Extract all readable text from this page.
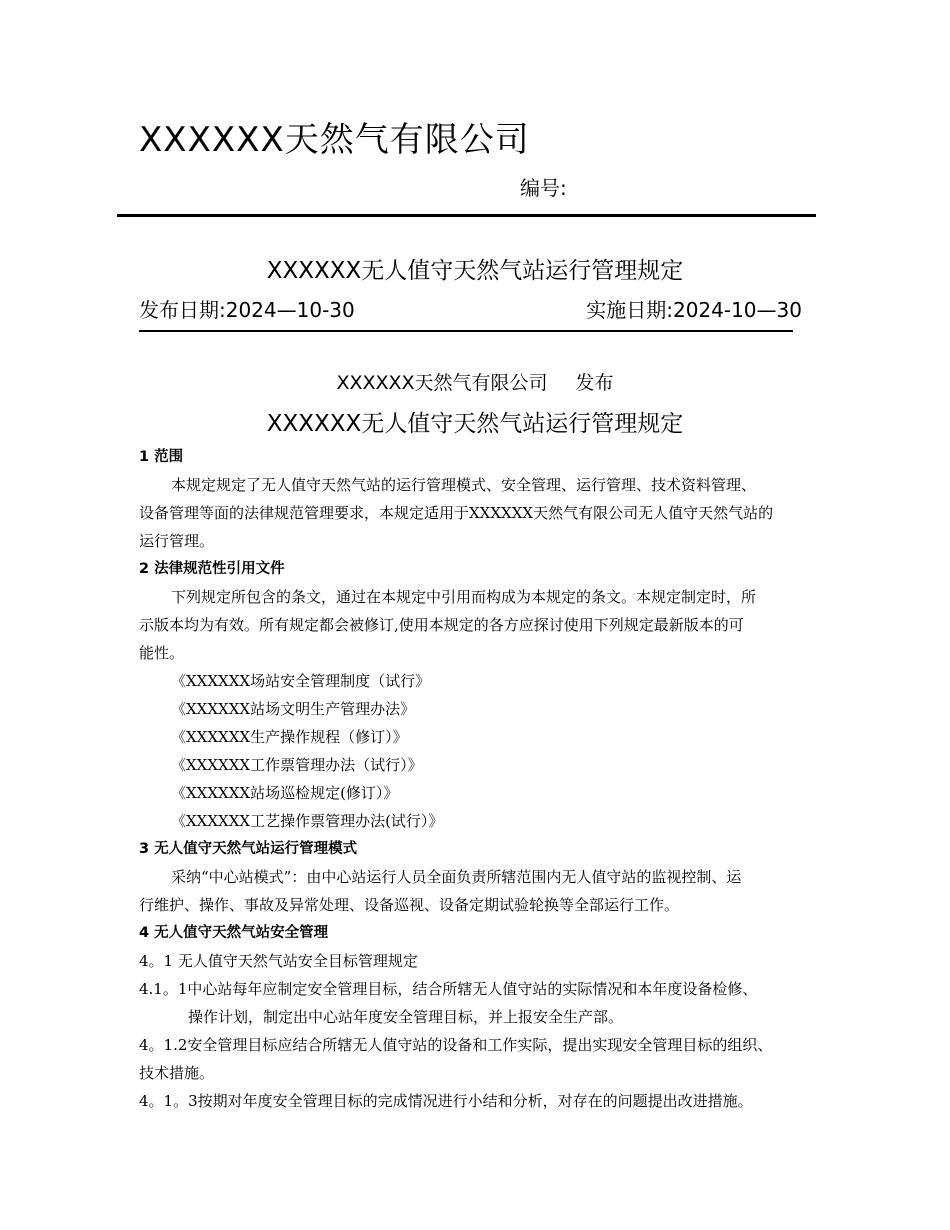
XXXXXX天然气有限公司
编号:
XXXXXX无人值守天然气站运行管理规定
发布日期:2024—10-30	实施日期:2024-10—30
XXXXXX天然气有限公司 发布
XXXXXX无人值守天然气站运行管理规定
1 范围
本规定规定了无人值守天然气站的运行管理模式、安全管理、运行管理、技术资料管理、
设备管理等面的法律规范管理要求，本规定适用于XXXXXX天然气有限公司无人值守天然气站的
运行管理。
2 法律规范性引用文件
下列规定所包含的条文，通过在本规定中引用而构成为本规定的条文。本规定制定时，所
示版本均为有效。所有规定都会被修订,使用本规定的各方应探讨使用下列规定最新版本的可
能性。
《XXXXXX场站安全管理制度（试行》
《XXXXXX站场文明生产管理办法》
《XXXXXX生产操作规程（修订）》
《XXXXXX工作票管理办法（试行）》
《XXXXXX站场巡检规定(修订）》
《XXXXXX工艺操作票管理办法(试行）》
3 无人值守天然气站运行管理模式
采纳“中心站模式”：由中心站运行人员全面负责所辖范围内无人值守站的监视控制、运
行维护、操作、事故及异常处理、设备巡视、设备定期试验轮换等全部运行工作。
4 无人值守天然气站安全管理
4。1 无人值守天然气站安全目标管理规定
4.1。1中心站每年应制定安全管理目标，结合所辖无人值守站的实际情况和本年度设备检修、
操作计划，制定出中心站年度安全管理目标，并上报安全生产部。
4。1.2安全管理目标应结合所辖无人值守站的设备和工作实际，提出实现安全管理目标的组织、
技术措施。
4。1。3按期对年度安全管理目标的完成情况进行小结和分析，对存在的问题提出改进措施。
